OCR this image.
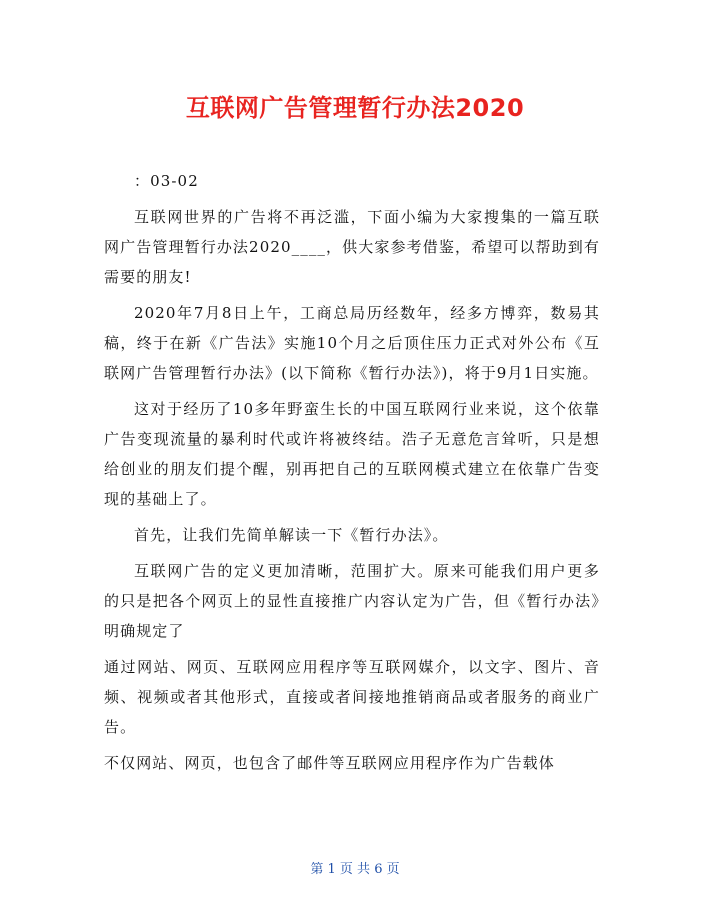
互联网广告管理暂行办法2020

：03-02

互联网世界的广告将不再泛滥，下面小编为大家搜集的一篇互联网广告管理暂行办法2020____，供大家参考借鉴，希望可以帮助到有需要的朋友!

2020年7月8日上午，工商总局历经数年，经多方博弈，数易其稿，终于在新《广告法》实施10个月之后顶住压力正式对外公布《互联网广告管理暂行办法》(以下简称《暂行办法》)，将于9月1日实施。

这对于经历了10多年野蛮生长的中国互联网行业来说，这个依靠广告变现流量的暴利时代或许将被终结。浩子无意危言耸听，只是想给创业的朋友们提个醒，别再把自己的互联网模式建立在依靠广告变现的基础上了。

首先，让我们先简单解读一下《暂行办法》。

互联网广告的定义更加清晰，范围扩大。原来可能我们用户更多的只是把各个网页上的显性直接推广内容认定为广告，但《暂行办法》明确规定了

通过网站、网页、互联网应用程序等互联网媒介，以文字、图片、音频、视频或者其他形式，直接或者间接地推销商品或者服务的商业广告。

不仅网站、网页，也包含了邮件等互联网应用程序作为广告载体

第 1 页 共 6 页
